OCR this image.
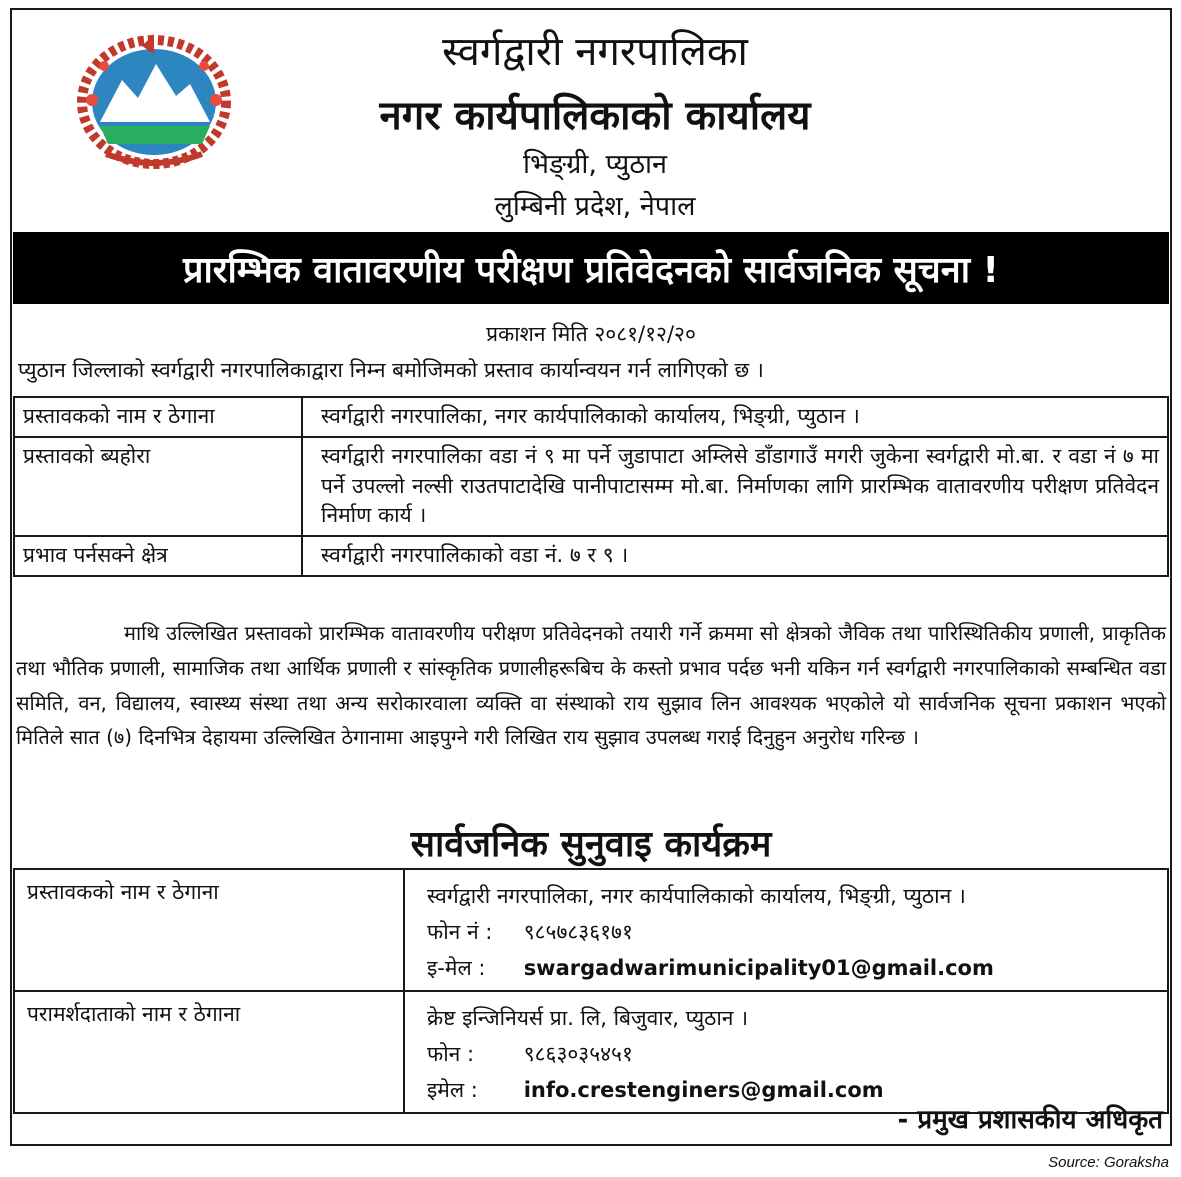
स्वर्गद्वारी नगरपालिका
नगर कार्यपालिकाको कार्यालय
भिङ्ग्री, प्युठान
लुम्बिनी प्रदेश, नेपाल
प्रारम्भिक वातावरणीय परीक्षण प्रतिवेदनको सार्वजनिक सूचना !
प्रकाशन मिति २०८१/१२/२०
प्युठान जिल्लाको स्वर्गद्वारी नगरपालिकाद्वारा निम्न बमोजिमको प्रस्ताव कार्यान्वयन गर्न लागिएको छ ।
प्रस्तावकको नाम र ठेगाना	स्वर्गद्वारी नगरपालिका, नगर कार्यपालिकाको कार्यालय, भिङ्ग्री, प्युठान ।
प्रस्तावको ब्यहोरा	स्वर्गद्वारी नगरपालिका वडा नं ९ मा पर्ने जुडापाटा अम्लिसे डाँडागाउँ मगरी जुकेना स्वर्गद्वारी मो.बा. र वडा नं ७ मा पर्ने उपल्लो नल्सी राउतपाटादेखि पानीपाटासम्म मो.बा. निर्माणका लागि प्रारम्भिक वातावरणीय परीक्षण प्रतिवेदन निर्माण कार्य ।
प्रभाव पर्नसक्ने क्षेत्र	स्वर्गद्वारी नगरपालिकाको वडा नं. ७ र ९ ।
माथि उल्लिखित प्रस्तावको प्रारम्भिक वातावरणीय परीक्षण प्रतिवेदनको तयारी गर्ने क्रममा सो क्षेत्रको जैविक तथा पारिस्थितिकीय प्रणाली, प्राकृतिक तथा भौतिक प्रणाली, सामाजिक तथा आर्थिक प्रणाली र सांस्कृतिक प्रणालीहरूबिच के कस्तो प्रभाव पर्दछ भनी यकिन गर्न स्वर्गद्वारी नगरपालिकाको सम्बन्धित वडा समिति, वन, विद्यालय, स्वास्थ्य संस्था तथा अन्य सरोकारवाला व्यक्ति वा संस्थाको राय सुझाव लिन आवश्यक भएकोले यो सार्वजनिक सूचना प्रकाशन भएको मितिले सात (७) दिनभित्र देहायमा उल्लिखित ठेगानामा आइपुग्ने गरी लिखित राय सुझाव उपलब्ध गराई दिनुहुन अनुरोध गरिन्छ ।
सार्वजनिक सुनुवाइ कार्यक्रम
प्रस्तावकको नाम र ठेगाना	स्वर्गद्वारी नगरपालिका, नगर कार्यपालिकाको कार्यालय, भिङ्ग्री, प्युठान ।
फोन नं : ९८५७८३६१७१
इ-मेल : swargadwarimunicipality01@gmail.com

परामर्शदाताको नाम र ठेगाना	क्रेष्ट इन्जिनियर्स प्रा. लि, बिजुवार, प्युठान ।
फोन : ९८६३०३५४५१
इमेल : info.crestenginers@gmail.com
- प्रमुख प्रशासकीय अधिकृत
Source: Goraksha
